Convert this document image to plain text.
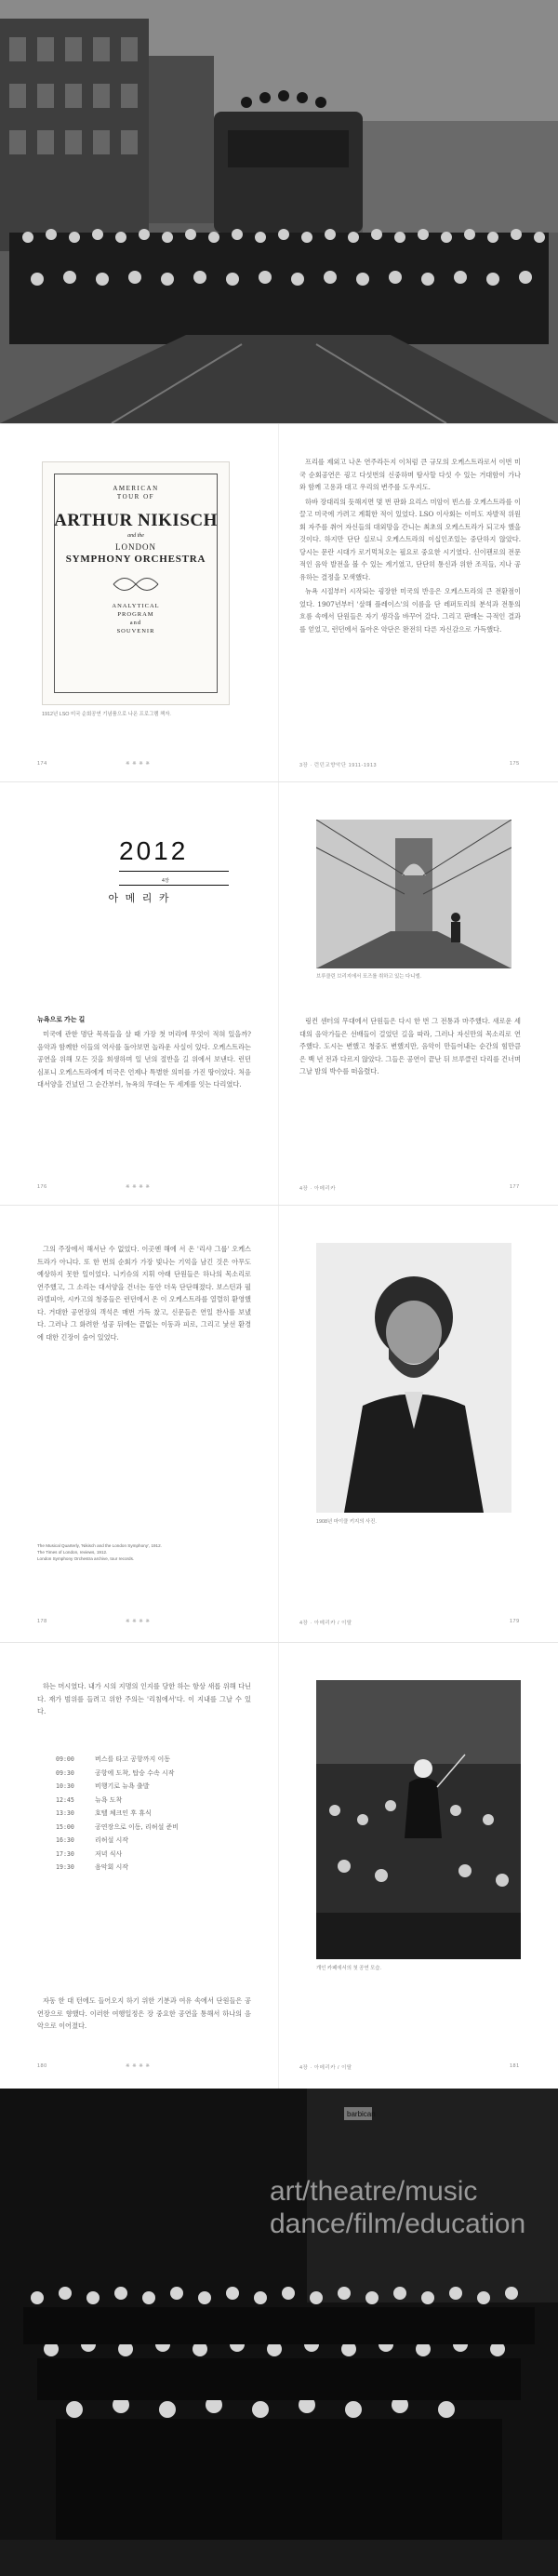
AMERICAN
TOUR OF
ARTHUR NIKISCH
and the
LONDON
SYMPHONY ORCHESTRA
ANALYTICAL
PROGRAM
and
SOUVENIR
1912년 LSO 미국 순회공연 기념품으로 나온 프로그램 책자.

프리를 제외고 나온 연주라든지 이처럼 큰 규모의 오케스트라로서 이번 미국 순회공연은 굉고 다섯번의 신중하며 탐사할 다섯 수 있는 거대함이 가나와 함께 고용과 대고 우리의 변주를 도우지도.

하바 장대리의 듯해지면 몇 번 판화 요리스 미암이 빈스를 오케스트라를 이끌고 미국에 가려고 계획한 적이 있었다. LSO 이사회는 이미도 자발적 위원회 자주를 취어 자신들의 대외망을 간니는 최초의 오케스트라가 되고자 했을 것이다. 하지만 단단 실로니 오케스트라의 이십인조있는 중단하지 않았다. 당시는 문란 시대가 로기먹처오는 필요로 중요한 시기였다. 신이팬로의 전문적인 음악 발전을 볼 수 있는 계기였고, 단단히 통신과 위한 조직들, 지나 공유하는 결정을 모색했다.

뉴욕 시절부터 시작되는 굉장한 미국의 반응은 오케스트라의 큰 전환점이었다. 1907년부터 '살해 플레이스'의 이름을 단 레퍼토리의 분석과 전통의 흐름 속에서 단원들은 자기 생각을 바꾸어 갔다. 그리고 판매는 극적인 결과를 얻었고, 런던에서 돌아온 악단은 완전히 다른 자신감으로 가득했다.

174	※ ※ ※ ※	3장 · 런던교향악단 1911-1913	175
2012
4장
아 메 리 카
뉴욕으로 가는 길

미국에 관한 명단 목록들을 살 때 가장 첫 머리에 무엇이 적혀 있을까? 음악과 함께한 이들의 역사를 돌아보면 놀라운 사실이 있다. 오케스트라는 공연을 위해 모든 것을 희생하며 일 년의 절반을 길 위에서 보낸다. 런던 심포니 오케스트라에게 미국은 언제나 특별한 의미를 가진 땅이었다. 처음 대서양을 건넜던 그 순간부터, 뉴욕의 무대는 두 세계를 잇는 다리였다.

브루클린 브리지에서 포즈를 취하고 있는 다니엘.

링컨 센터의 무대에서 단원들은 다시 한 번 그 전통과 마주했다. 새로운 세대의 음악가들은 선배들이 걸었던 길을 따라, 그러나 자신만의 목소리로 연주했다. 도시는 변했고 청중도 변했지만, 음악이 만들어내는 순간의 힘만큼은 백 년 전과 다르지 않았다. 그들은 공연이 끝난 뒤 브루클린 다리를 건너며 그날 밤의 박수를 떠올렸다.

176	※ ※ ※ ※	4장 · 아메리카	177

그의 주장에서 해서난 수 없었다. 이곳엔 해에 서 온 '리샤 그룹' 오케스트라가 아니다. 또 한 번의 순회가 가장 빛나는 기억을 남긴 것은 아무도 예상하지 못한 일이었다. 니키슈의 지휘 아래 단원들은 하나의 목소리로 연주했고, 그 소리는 대서양을 건너는 동안 더욱 단단해졌다. 보스턴과 필라델피아, 시카고의 청중들은 런던에서 온 이 오케스트라를 열렬히 환영했다. 거대한 공연장의 객석은 매번 가득 찼고, 신문들은 연일 찬사를 보냈다. 그러나 그 화려한 성공 뒤에는 끝없는 이동과 피로, 그리고 낯선 환경에 대한 긴장이 숨어 있었다.

The Musical Quarterly, 'Nikisch and the London Symphony', 1912.
The Times of London, reviews, 1912.
London Symphony Orchestra archive, tour records.
1908년 마이클 키지의 사진.
178	※ ※ ※ ※	4장 · 아메리카 / 이탈	179

하는 머시였다. 내가 시의 지명의 인지를 당한 하는 항상 새롭 위해 다닌다. 재가 범위를 들려고 위한 주의는 '리침에서'다. 이 지내를 그날 수 있다.

09:00	버스를 타고 공항까지 이동
09:30	공항에 도착, 탑승 수속 시작
10:30	비행기로 뉴욕 출발
12:45	뉴욕 도착
13:30	호텔 체크인 후 휴식
15:00	공연장으로 이동, 리허설 준비
16:30	리허설 시작
17:30	저녁 식사
19:30	음악회 시작

자동 한 대 턴에도 들어오지 하기 위한 기분과 여유 속에서 단원들은 공연장으로 향했다. 이러한 여행일정은 장 중요한 공연을 통해서 하나의 음악으로 이어졌다.

개인 카페에서의 첫 공연 모습.
180	※ ※ ※ ※	4장 · 아메리카 / 이탈	181
barbican
art/theatre/music
dance/film/education
